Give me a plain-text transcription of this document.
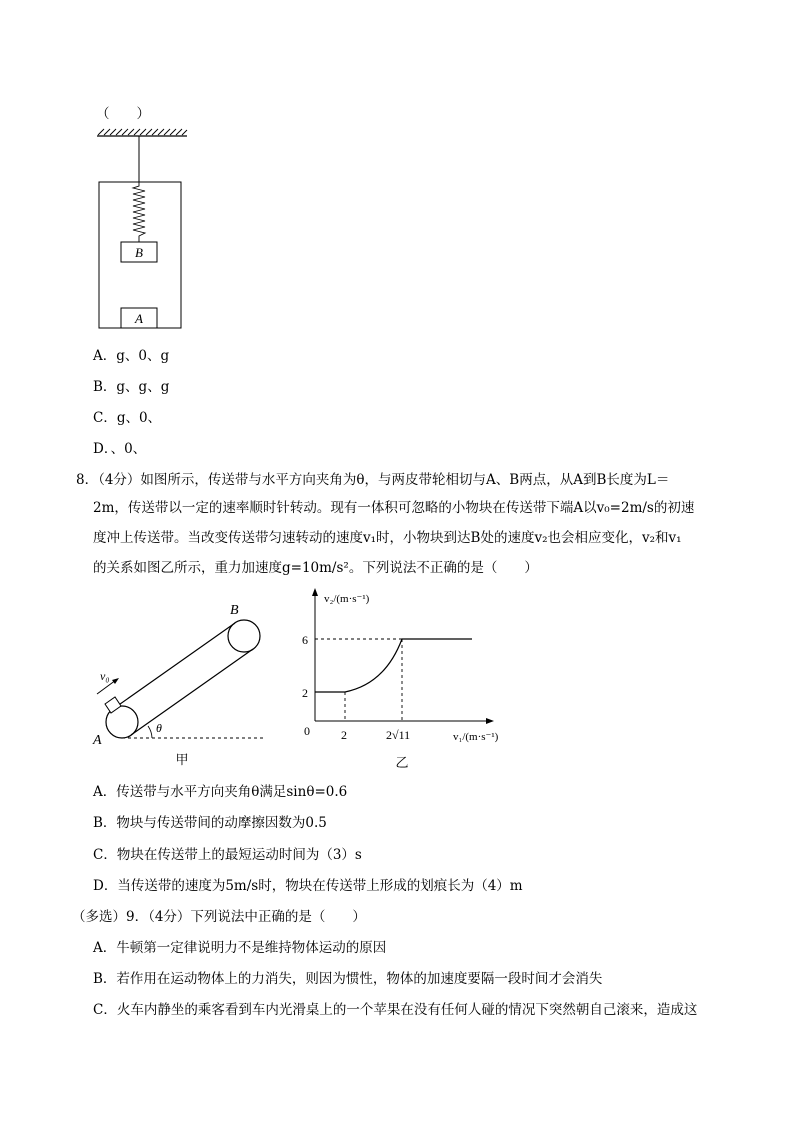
（　　）
B
A
A．g、0、g
B．g、g、g
C．g、0、
D．、0、
8．（4分）如图所示，传送带与水平方向夹角为θ，与两皮带轮相切与A、B两点，从A到B长度为L＝
2m，传送带以一定的速率顺时针转动。现有一体积可忽略的小物块在传送带下端A以v₀=2m/s的初速
度冲上传送带。当改变传送带匀速转动的速度v₁时，小物块到达B处的速度v₂也会相应变化，v₂和v₁
的关系如图乙所示，重力加速度g=10m/s²。下列说法不正确的是（　　）
v₀
θ
A
B
甲
v₂/(m·s⁻¹)
v₁/(m·s⁻¹)
0
6
2
2	2√11
乙
A．传送带与水平方向夹角θ满足sinθ=0.6
B．物块与传送带间的动摩擦因数为0.5
C．物块在传送带上的最短运动时间为（3）s
D．当传送带的速度为5m/s时，物块在传送带上形成的划痕长为（4）m
（多选）9．（4分）下列说法中正确的是（　　）
A．牛顿第一定律说明力不是维持物体运动的原因
B．若作用在运动物体上的力消失，则因为惯性，物体的加速度要隔一段时间才会消失
C．火车内静坐的乘客看到车内光滑桌上的一个苹果在没有任何人碰的情况下突然朝自己滚来，造成这
